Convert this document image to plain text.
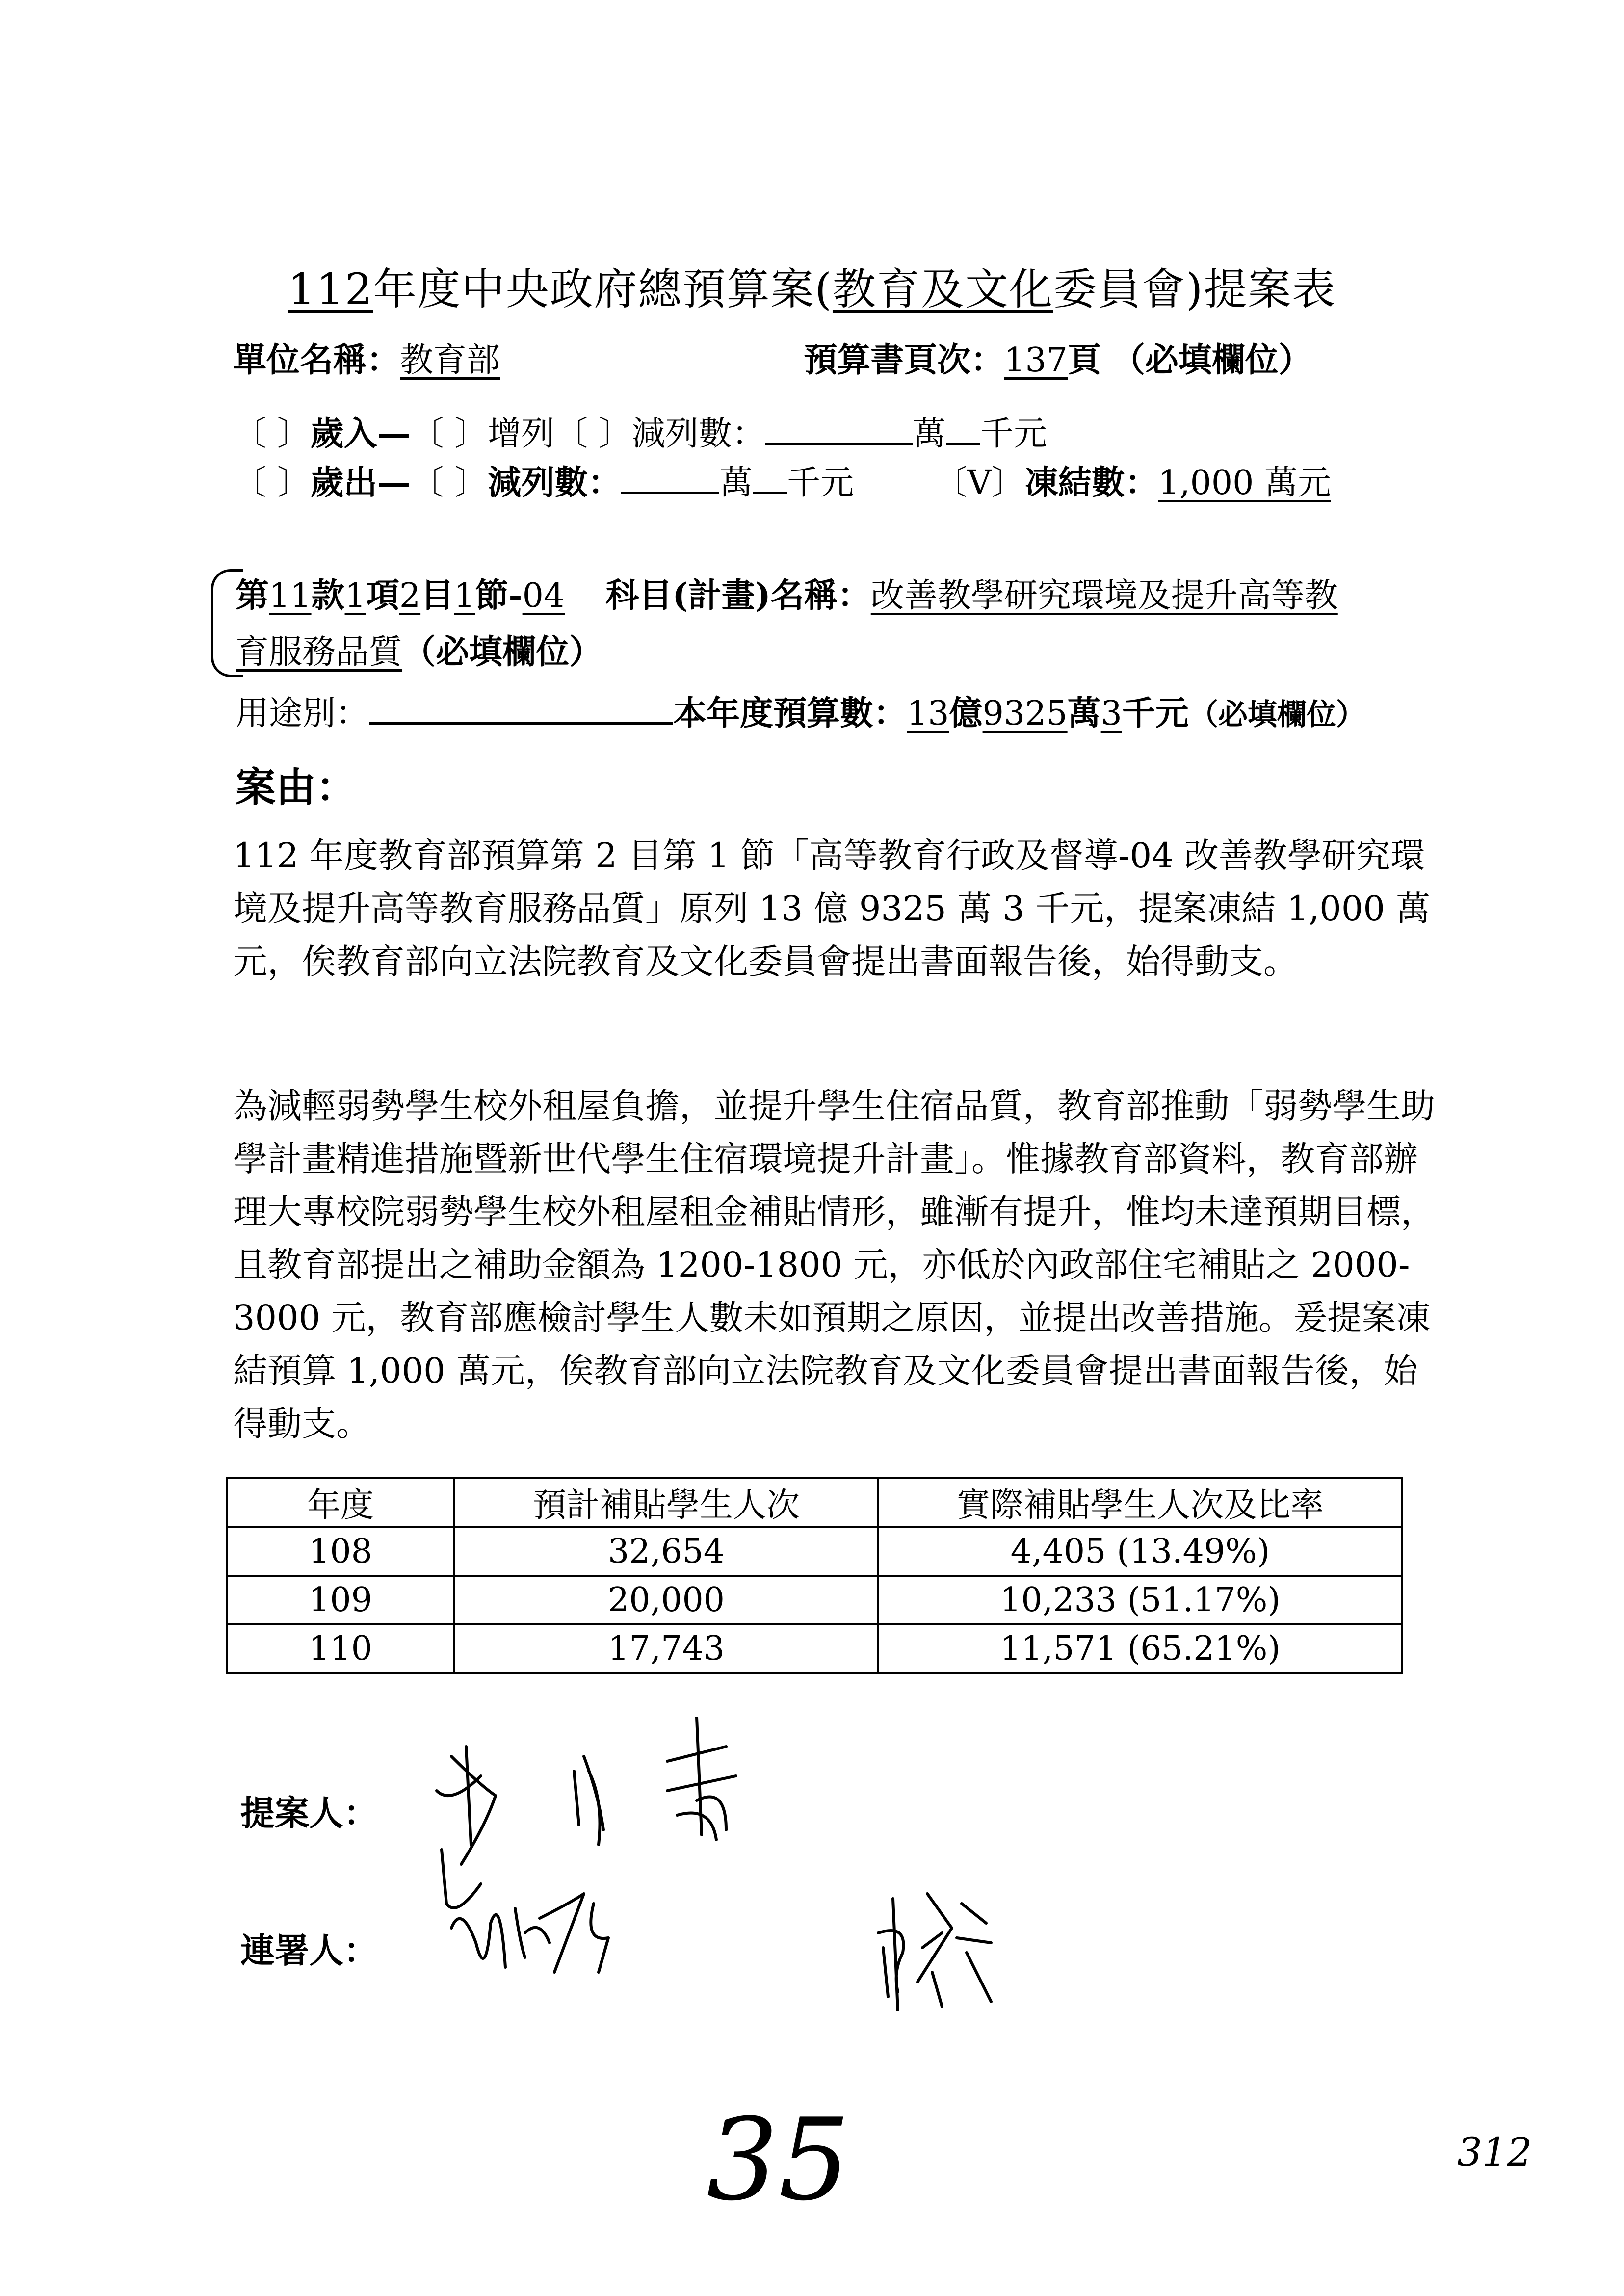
112年度中央政府總預算案(教育及文化委員會)提案表
單位名稱：教育部	預算書頁次：137頁 （必填欄位）
〔 〕歲入—〔 〕增列〔 〕減列數：	萬 千元
〔 〕歲出—〔 〕減列數：	萬 千元 〔V〕凍結數：1,000 萬元
第11款1項2目1節-04 科目(計畫)名稱：改善教學研究環境及提升高等教
育服務品質（必填欄位）
用途別：	本年度預算數：13億9325萬3千元（必填欄位）
案由：

112 年度教育部預算第 2 目第 1 節「高等教育行政及督導-04 改善教學研究環境及提升高等教育服務品質」原列 13 億 9325 萬 3 千元，提案凍結 1,000 萬元，俟教育部向立法院教育及文化委員會提出書面報告後，始得動支。

為減輕弱勢學生校外租屋負擔，並提升學生住宿品質，教育部推動「弱勢學生助學計畫精進措施暨新世代學生住宿環境提升計畫」。惟據教育部資料，教育部辦理大專校院弱勢學生校外租屋租金補貼情形，雖漸有提升，惟均未達預期目標，且教育部提出之補助金額為 1200-1800 元，亦低於內政部住宅補貼之 2000-3000 元，教育部應檢討學生人數未如預期之原因，並提出改善措施。爰提案凍結預算 1,000 萬元，俟教育部向立法院教育及文化委員會提出書面報告後，始得動支。

年度	預計補貼學生人次	實際補貼學生人次及比率
108	32,654	4,405 (13.49%)
109	20,000	10,233 (51.17%)
110	17,743	11,571 (65.21%)
提案人：
連署人：
35	312
